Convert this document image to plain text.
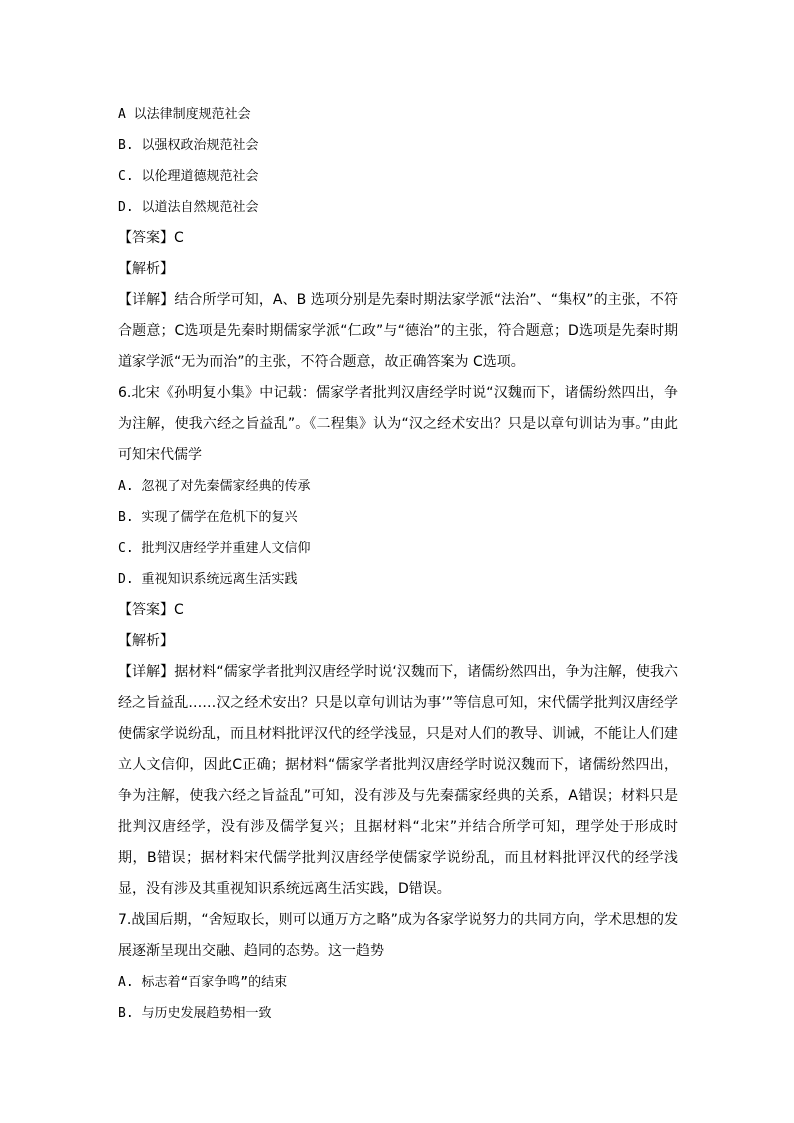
A 以法律制度规范社会
B. 以强权政治规范社会
C. 以伦理道德规范社会
D. 以道法自然规范社会
【答案】C
【解析】
【详解】结合所学可知，A、B 选项分别是先秦时期法家学派“法治”、“集权”的主张，不符合题意；C选项是先秦时期儒家学派“仁政”与“德治”的主张，符合题意；D选项是先秦时期道家学派“无为而治”的主张，不符合题意，故正确答案为 C选项。
6.北宋《孙明复小集》中记载：儒家学者批判汉唐经学时说“汉魏而下，诸儒纷然四出，争为注解，使我六经之旨益乱”。《二程集》认为“汉之经术安出？只是以章句训诂为事。”由此可知宋代儒学
A. 忽视了对先秦儒家经典的传承
B. 实现了儒学在危机下的复兴
C. 批判汉唐经学并重建人文信仰
D. 重视知识系统远离生活实践
【答案】C
【解析】
【详解】据材料“儒家学者批判汉唐经学时说‘汉魏而下，诸儒纷然四出，争为注解，使我六经之旨益乱……汉之经术安出？只是以章句训诂为事’”等信息可知，宋代儒学批判汉唐经学使儒家学说纷乱，而且材料批评汉代的经学浅显，只是对人们的教导、训诫，不能让人们建立人文信仰，因此C正确；据材料“儒家学者批判汉唐经学时说汉魏而下，诸儒纷然四出，争为注解，使我六经之旨益乱”可知，没有涉及与先秦孺家经典的关系，A错误；材料只是批判汉唐经学，没有涉及儒学复兴；且据材料“北宋”并结合所学可知，理学处于形成时期，B错误；据材料宋代儒学批判汉唐经学使儒家学说纷乱，而且材料批评汉代的经学浅显，没有涉及其重视知识系统远离生活实践，D错误。
7.战国后期，“舍短取长，则可以通万方之略”成为各家学说努力的共同方向，学术思想的发展逐渐呈现出交融、趋同的态势。这一趋势
A. 标志着“百家争鸣”的结束
B. 与历史发展趋势相一致
